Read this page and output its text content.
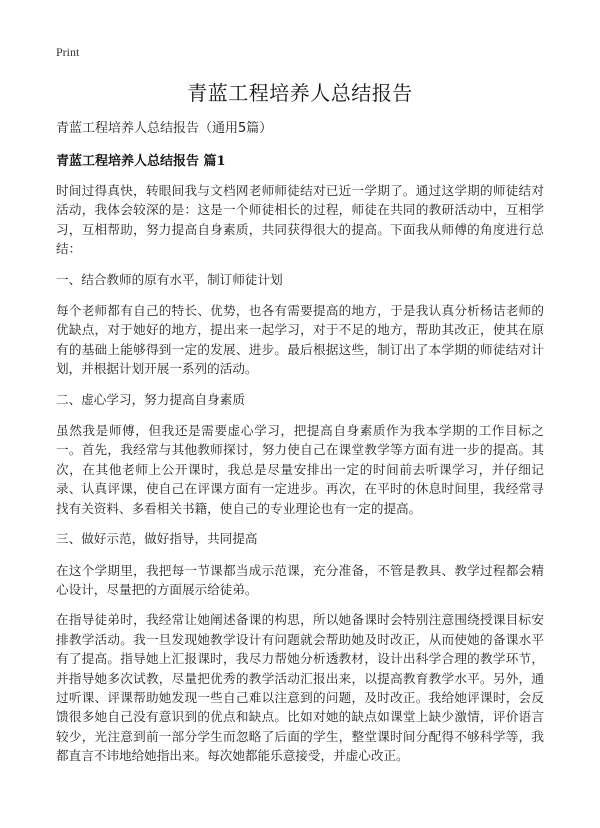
Print
青蓝工程培养人总结报告
青蓝工程培养人总结报告（通用5篇）
青蓝工程培养人总结报告 篇1

时间过得真快，转眼间我与文档网老师师徒结对已近一学期了。通过这学期的师徒结对活动，我体会较深的是：这是一个师徒相长的过程，师徒在共同的教研活动中，互相学习，互相帮助，努力提高自身素质，共同获得很大的提高。下面我从师傅的角度进行总结：

一、结合教师的原有水平，制订师徒计划

每个老师都有自己的特长、优势，也各有需要提高的地方，于是我认真分析杨诘老师的优缺点，对于她好的地方，提出来一起学习，对于不足的地方，帮助其改正，使其在原有的基础上能够得到一定的发展、进步。最后根据这些，制订出了本学期的师徒结对计划，并根据计划开展一系列的活动。

二、虚心学习，努力提高自身素质

虽然我是师傅，但我还是需要虚心学习，把提高自身素质作为我本学期的工作目标之一。首先，我经常与其他教师探讨，努力使自己在课堂教学等方面有进一步的提高。其次，在其他老师上公开课时，我总是尽量安排出一定的时间前去听课学习，并仔细记录、认真评课，使自己在评课方面有一定进步。再次，在平时的休息时间里，我经常寻找有关资料、多看相关书籍，使自己的专业理论也有一定的提高。

三、做好示范，做好指导，共同提高

在这个学期里，我把每一节课都当成示范课，充分准备，不管是教具、教学过程都会精心设计，尽量把的方面展示给徒弟。

在指导徒弟时，我经常让她阐述备课的构思，所以她备课时会特别注意围绕授课目标安排教学活动。我一旦发现她教学设计有问题就会帮助她及时改正，从而使她的备课水平有了提高。指导她上汇报课时，我尽力帮她分析透教材，设计出科学合理的教学环节，并指导她多次试教，尽量把优秀的教学活动汇报出来，以提高教育教学水平。另外，通过听课、评课帮助她发现一些自己难以注意到的问题，及时改正。我给她评课时，会反馈很多她自己没有意识到的优点和缺点。比如对她的缺点如课堂上缺少激情，评价语言较少，光注意到前一部分学生而忽略了后面的学生，整堂课时间分配得不够科学等，我都直言不讳地给她指出来。每次她都能乐意接受，并虚心改正。
